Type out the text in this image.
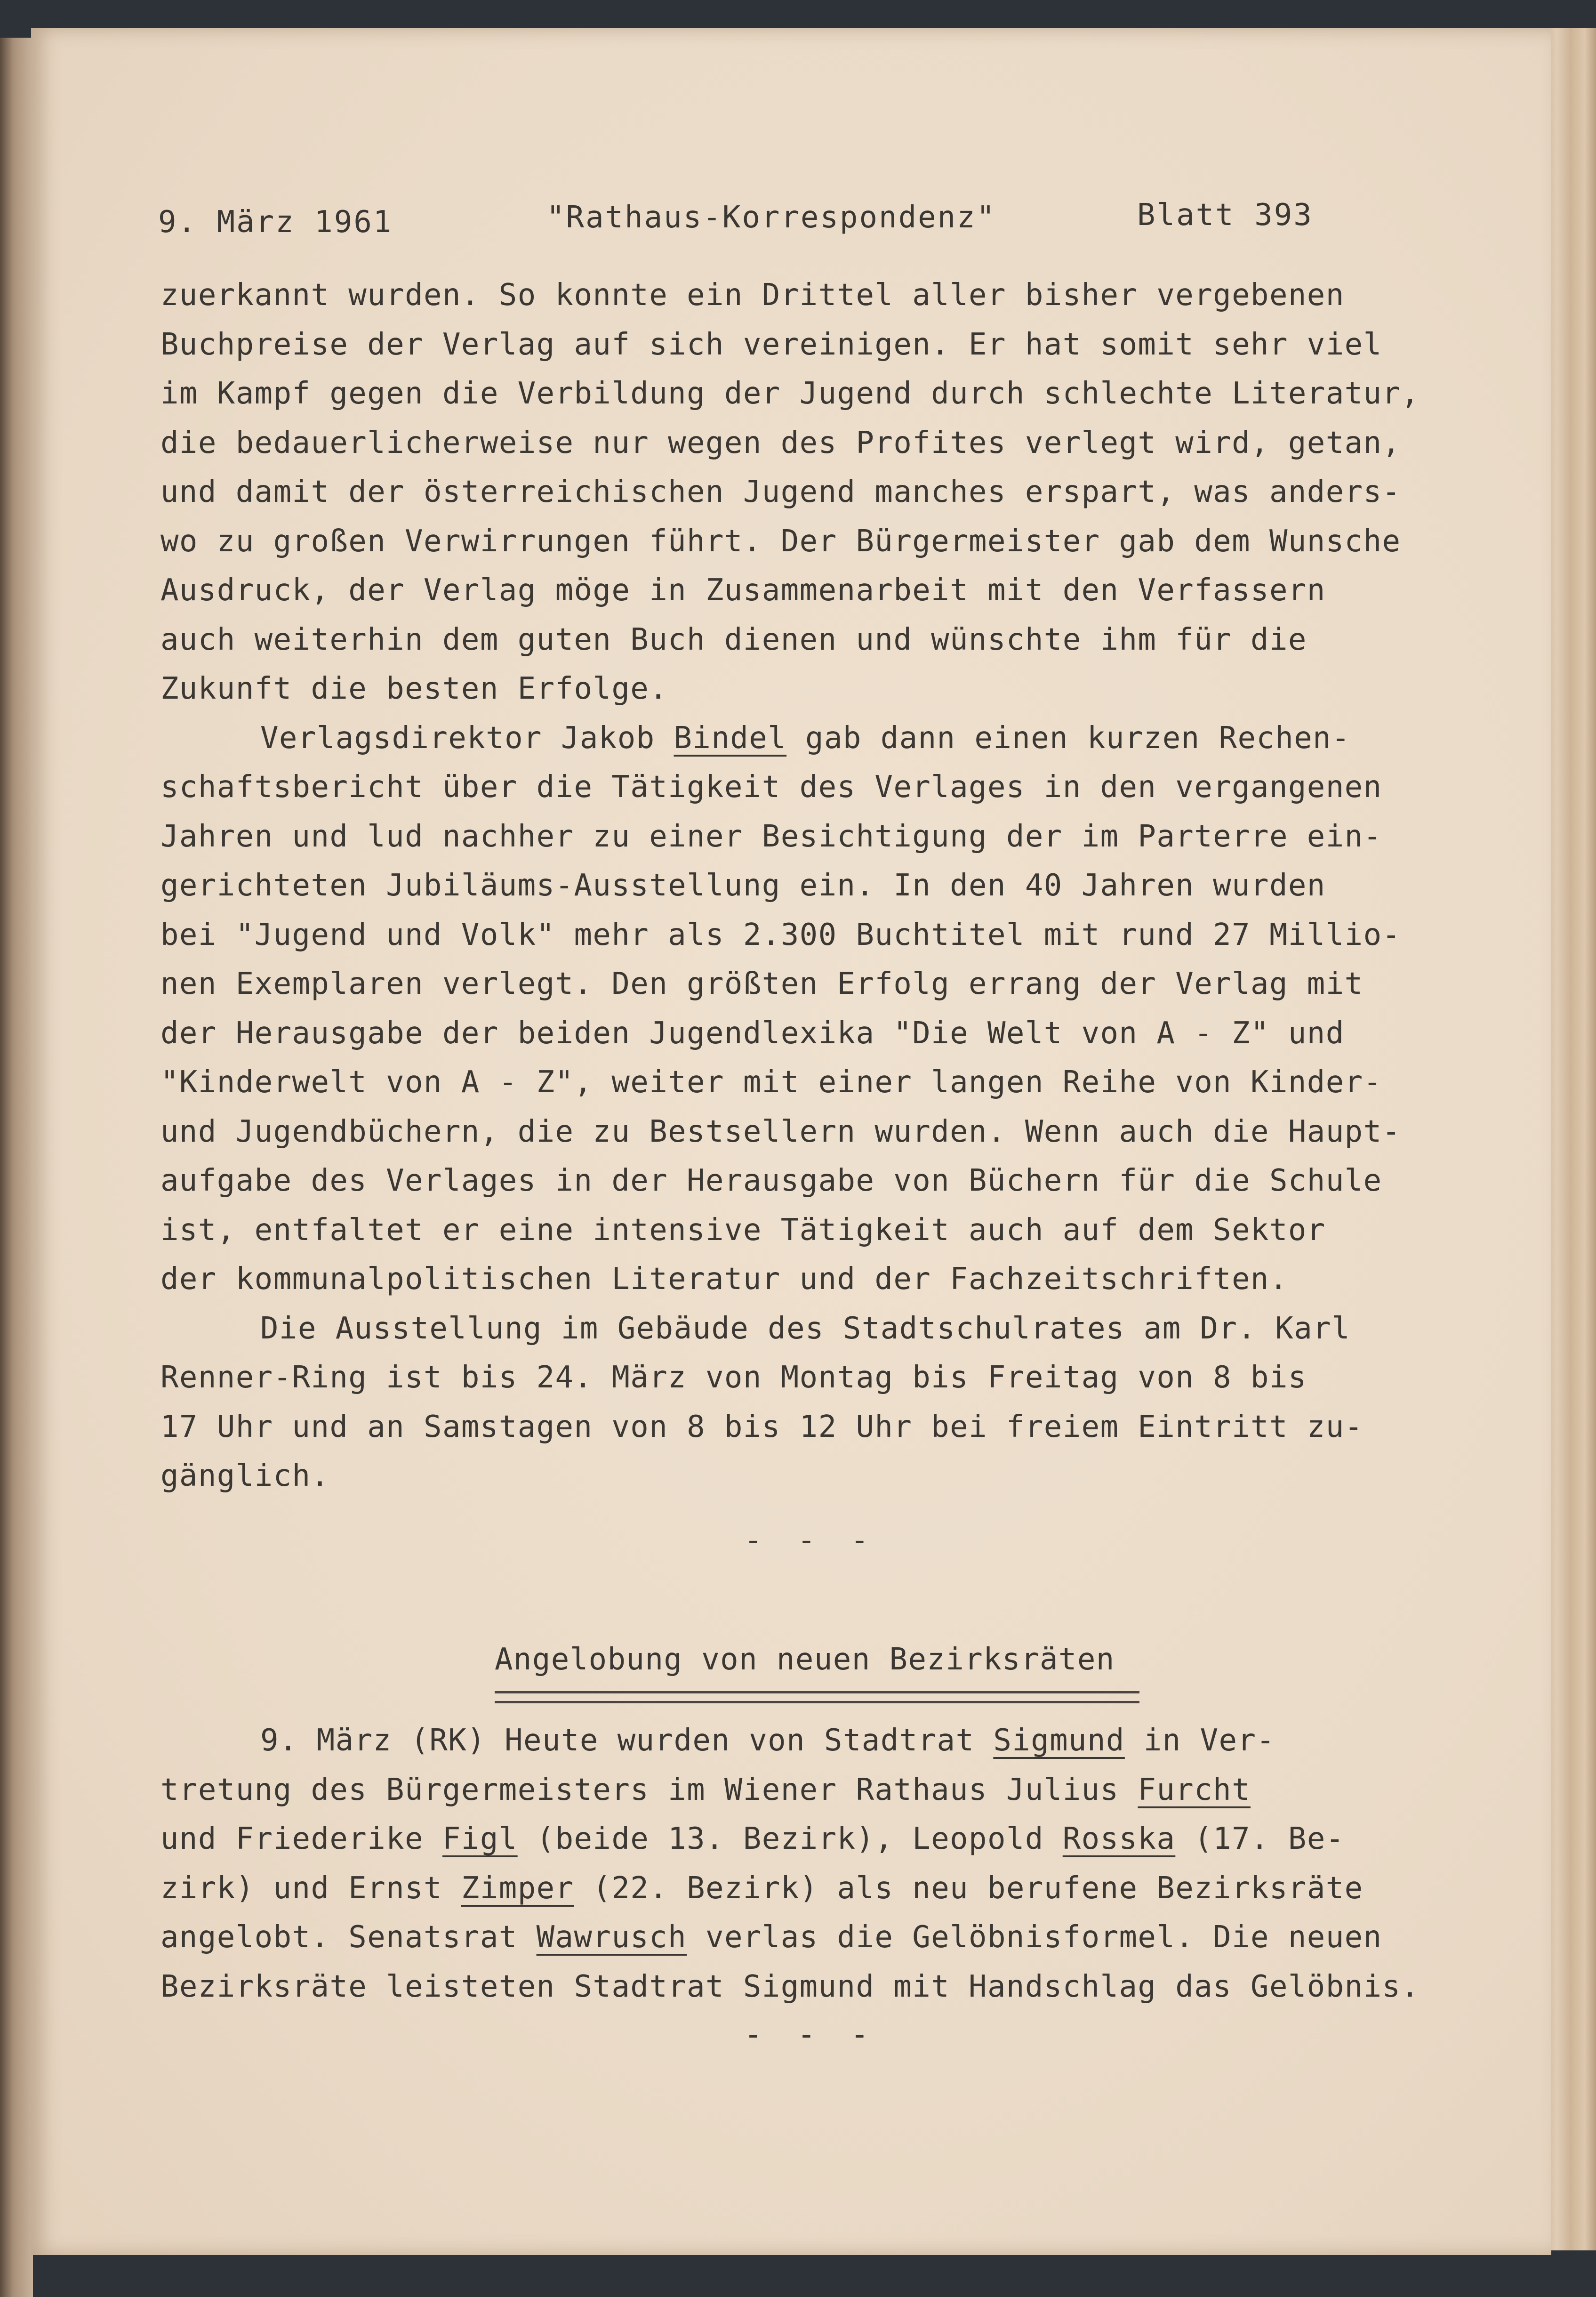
9. März 1961	"Rathaus-Korrespondenz"	Blatt 393
zuerkannt wurden. So konnte ein Drittel aller bisher vergebenen
Buchpreise der Verlag auf sich vereinigen. Er hat somit sehr viel
im Kampf gegen die Verbildung der Jugend durch schlechte Literatur,
die bedauerlicherweise nur wegen des Profites verlegt wird, getan,
und damit der österreichischen Jugend manches erspart, was anders-
wo zu großen Verwirrungen führt. Der Bürgermeister gab dem Wunsche
Ausdruck, der Verlag möge in Zusammenarbeit mit den Verfassern
auch weiterhin dem guten Buch dienen und wünschte ihm für die
Zukunft die besten Erfolge.
Verlagsdirektor Jakob Bindel gab dann einen kurzen Rechen-
schaftsbericht über die Tätigkeit des Verlages in den vergangenen
Jahren und lud nachher zu einer Besichtigung der im Parterre ein-
gerichteten Jubiläums-Ausstellung ein. In den 40 Jahren wurden
bei "Jugend und Volk" mehr als 2.300 Buchtitel mit rund 27 Millio-
nen Exemplaren verlegt. Den größten Erfolg errang der Verlag mit
der Herausgabe der beiden Jugendlexika "Die Welt von A - Z" und
"Kinderwelt von A - Z", weiter mit einer langen Reihe von Kinder-
und Jugendbüchern, die zu Bestsellern wurden. Wenn auch die Haupt-
aufgabe des Verlages in der Herausgabe von Büchern für die Schule
ist, entfaltet er eine intensive Tätigkeit auch auf dem Sektor
der kommunalpolitischen Literatur und der Fachzeitschriften.
Die Ausstellung im Gebäude des Stadtschulrates am Dr. Karl
Renner-Ring ist bis 24. März von Montag bis Freitag von 8 bis
17 Uhr und an Samstagen von 8 bis 12 Uhr bei freiem Eintritt zu-
gänglich.
- - -
Angelobung von neuen Bezirksräten
9. März (RK) Heute wurden von Stadtrat Sigmund in Ver-
tretung des Bürgermeisters im Wiener Rathaus Julius Furcht
und Friederike Figl (beide 13. Bezirk), Leopold Rosska (17. Be-
zirk) und Ernst Zimper (22. Bezirk) als neu berufene Bezirksräte
angelobt. Senatsrat Wawrusch verlas die Gelöbnisformel. Die neuen
Bezirksräte leisteten Stadtrat Sigmund mit Handschlag das Gelöbnis.
- - -
